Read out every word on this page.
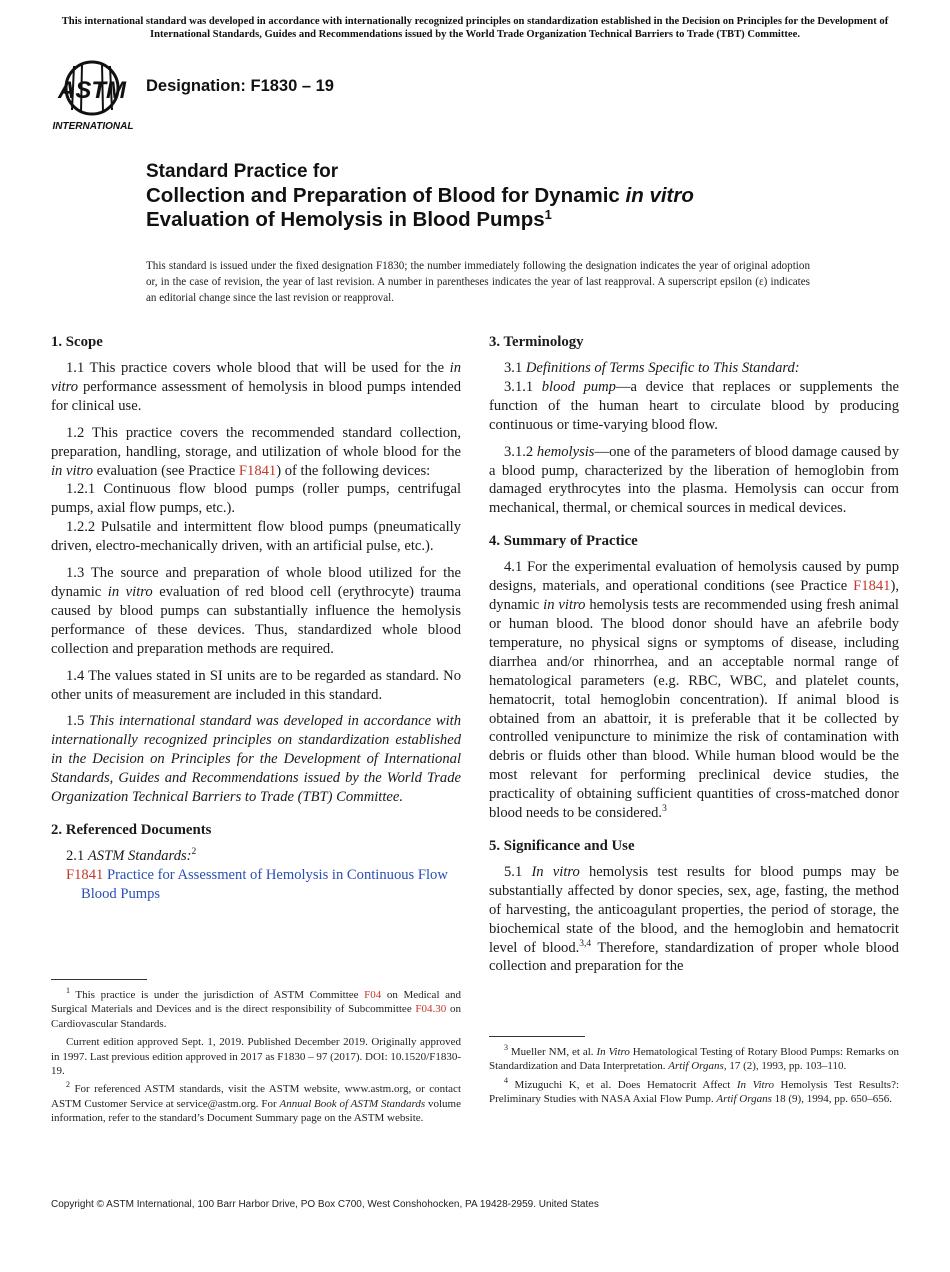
This international standard was developed in accordance with internationally recognized principles on standardization established in the Decision on Principles for the Development of International Standards, Guides and Recommendations issued by the World Trade Organization Technical Barriers to Trade (TBT) Committee.
ASTM
INTERNATIONAL
Designation: F1830 – 19
Standard Practice for
Collection and Preparation of Blood for Dynamic in vitro
Evaluation of Hemolysis in Blood Pumps$^1$
This standard is issued under the fixed designation F1830; the number immediately following the designation indicates the year of original adoption or, in the case of revision, the year of last revision. A number in parentheses indicates the year of last reapproval. A superscript epsilon (ε) indicates an editorial change since the last revision or reapproval.
1. Scope

1.1 This practice covers whole blood that will be used for the in vitro performance assessment of hemolysis in blood pumps intended for clinical use.

1.2 This practice covers the recommended standard collection, preparation, handling, storage, and utilization of whole blood for the in vitro evaluation (see Practice F1841) of the following devices:

1.2.1 Continuous flow blood pumps (roller pumps, centrifugal pumps, axial flow pumps, etc.).

1.2.2 Pulsatile and intermittent flow blood pumps (pneumatically driven, electro-mechanically driven, with an artificial pulse, etc.).

1.3 The source and preparation of whole blood utilized for the dynamic in vitro evaluation of red blood cell (erythrocyte) trauma caused by blood pumps can substantially influence the hemolysis performance of these devices. Thus, standardized whole blood collection and preparation methods are required.

1.4 The values stated in SI units are to be regarded as standard. No other units of measurement are included in this standard.

1.5 This international standard was developed in accordance with internationally recognized principles on standardization established in the Decision on Principles for the Development of International Standards, Guides and Recommendations issued by the World Trade Organization Technical Barriers to Trade (TBT) Committee.

2. Referenced Documents

2.1 ASTM Standards:$^2$

F1841 Practice for Assessment of Hemolysis in Continuous Flow Blood Pumps

$^1$ This practice is under the jurisdiction of ASTM Committee F04 on Medical and Surgical Materials and Devices and is the direct responsibility of Subcommittee F04.30 on Cardiovascular Standards.

Current edition approved Sept. 1, 2019. Published December 2019. Originally approved in 1997. Last previous edition approved in 2017 as F1830 – 97 (2017). DOI: 10.1520/F1830-19.

$^2$ For referenced ASTM standards, visit the ASTM website, www.astm.org, or contact ASTM Customer Service at service@astm.org. For Annual Book of ASTM Standards volume information, refer to the standard’s Document Summary page on the ASTM website.

3. Terminology

3.1 Definitions of Terms Specific to This Standard:

3.1.1 blood pump—a device that replaces or supplements the function of the human heart to circulate blood by producing continuous or time-varying blood flow.

3.1.2 hemolysis—one of the parameters of blood damage caused by a blood pump, characterized by the liberation of hemoglobin from damaged erythrocytes into the plasma. Hemolysis can occur from mechanical, thermal, or chemical sources in medical devices.

4. Summary of Practice

4.1 For the experimental evaluation of hemolysis caused by pump designs, materials, and operational conditions (see Practice F1841), dynamic in vitro hemolysis tests are recommended using fresh animal or human blood. The blood donor should have an afebrile body temperature, no physical signs or symptoms of disease, including diarrhea and/or rhinorrhea, and an acceptable normal range of hematological parameters (e.g. RBC, WBC, and platelet counts, hematocrit, total hemoglobin concentration). If animal blood is obtained from an abattoir, it is preferable that it be collected by controlled venipuncture to minimize the risk of contamination with debris or fluids other than blood. While human blood would be the most relevant for performing preclinical device studies, the practicality of obtaining sufficient quantities of cross-matched donor blood needs to be considered.$^3$

5. Significance and Use

5.1 In vitro hemolysis test results for blood pumps may be substantially affected by donor species, sex, age, fasting, the method of harvesting, the anticoagulant properties, the period of storage, the biochemical state of the blood, and the hemoglobin and hematocrit level of blood.$^{3,4}$ Therefore, standardization of proper whole blood collection and preparation for the

$^3$ Mueller NM, et al. In Vitro Hematological Testing of Rotary Blood Pumps: Remarks on Standardization and Data Interpretation. Artif Organs, 17 (2), 1993, pp. 103–110.

$^4$ Mizuguchi K, et al. Does Hematocrit Affect In Vitro Hemolysis Test Results?: Preliminary Studies with NASA Axial Flow Pump. Artif Organs 18 (9), 1994, pp. 650–656.

Copyright © ASTM International, 100 Barr Harbor Drive, PO Box C700, West Conshohocken, PA 19428-2959. United States
